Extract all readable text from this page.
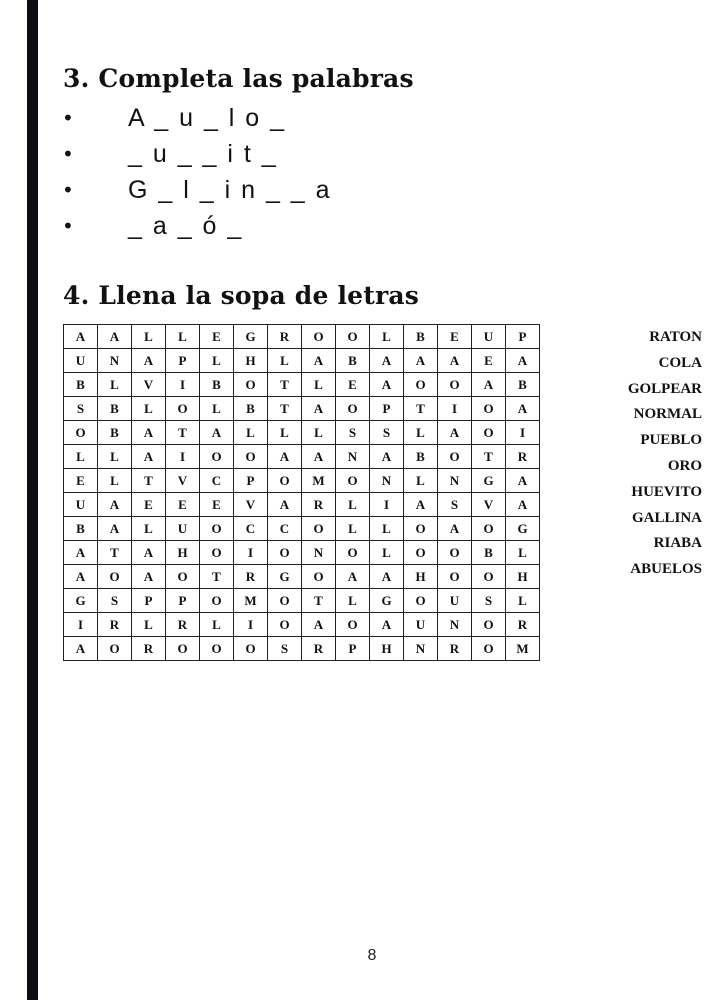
3. Completa las palabras
•	A _ u _ l o _
•	_ u _ _ i t _
•	G _ l _ i n _ _ a
•	_ a _ ó _
4. Llena la sopa de letras
A	A	L	L	E	G	R	O	O	L	B	E	U	P
U	N	A	P	L	H	L	A	B	A	A	A	E	A
B	L	V	I	B	O	T	L	E	A	O	O	A	B
S	B	L	O	L	B	T	A	O	P	T	I	O	A
O	B	A	T	A	L	L	L	S	S	L	A	O	I
L	L	A	I	O	O	A	A	N	A	B	O	T	R
E	L	T	V	C	P	O	M	O	N	L	N	G	A
U	A	E	E	E	V	A	R	L	I	A	S	V	A
B	A	L	U	O	C	C	O	L	L	O	A	O	G
A	T	A	H	O	I	O	N	O	L	O	O	B	L
A	O	A	O	T	R	G	O	A	A	H	O	O	H
G	S	P	P	O	M	O	T	L	G	O	U	S	L
I	R	L	R	L	I	O	A	O	A	U	N	O	R
A	O	R	O	O	O	S	R	P	H	N	R	O	M
RATON
COLA
GOLPEAR
NORMAL
PUEBLO
ORO
HUEVITO
GALLINA
RIABA
ABUELOS
8
